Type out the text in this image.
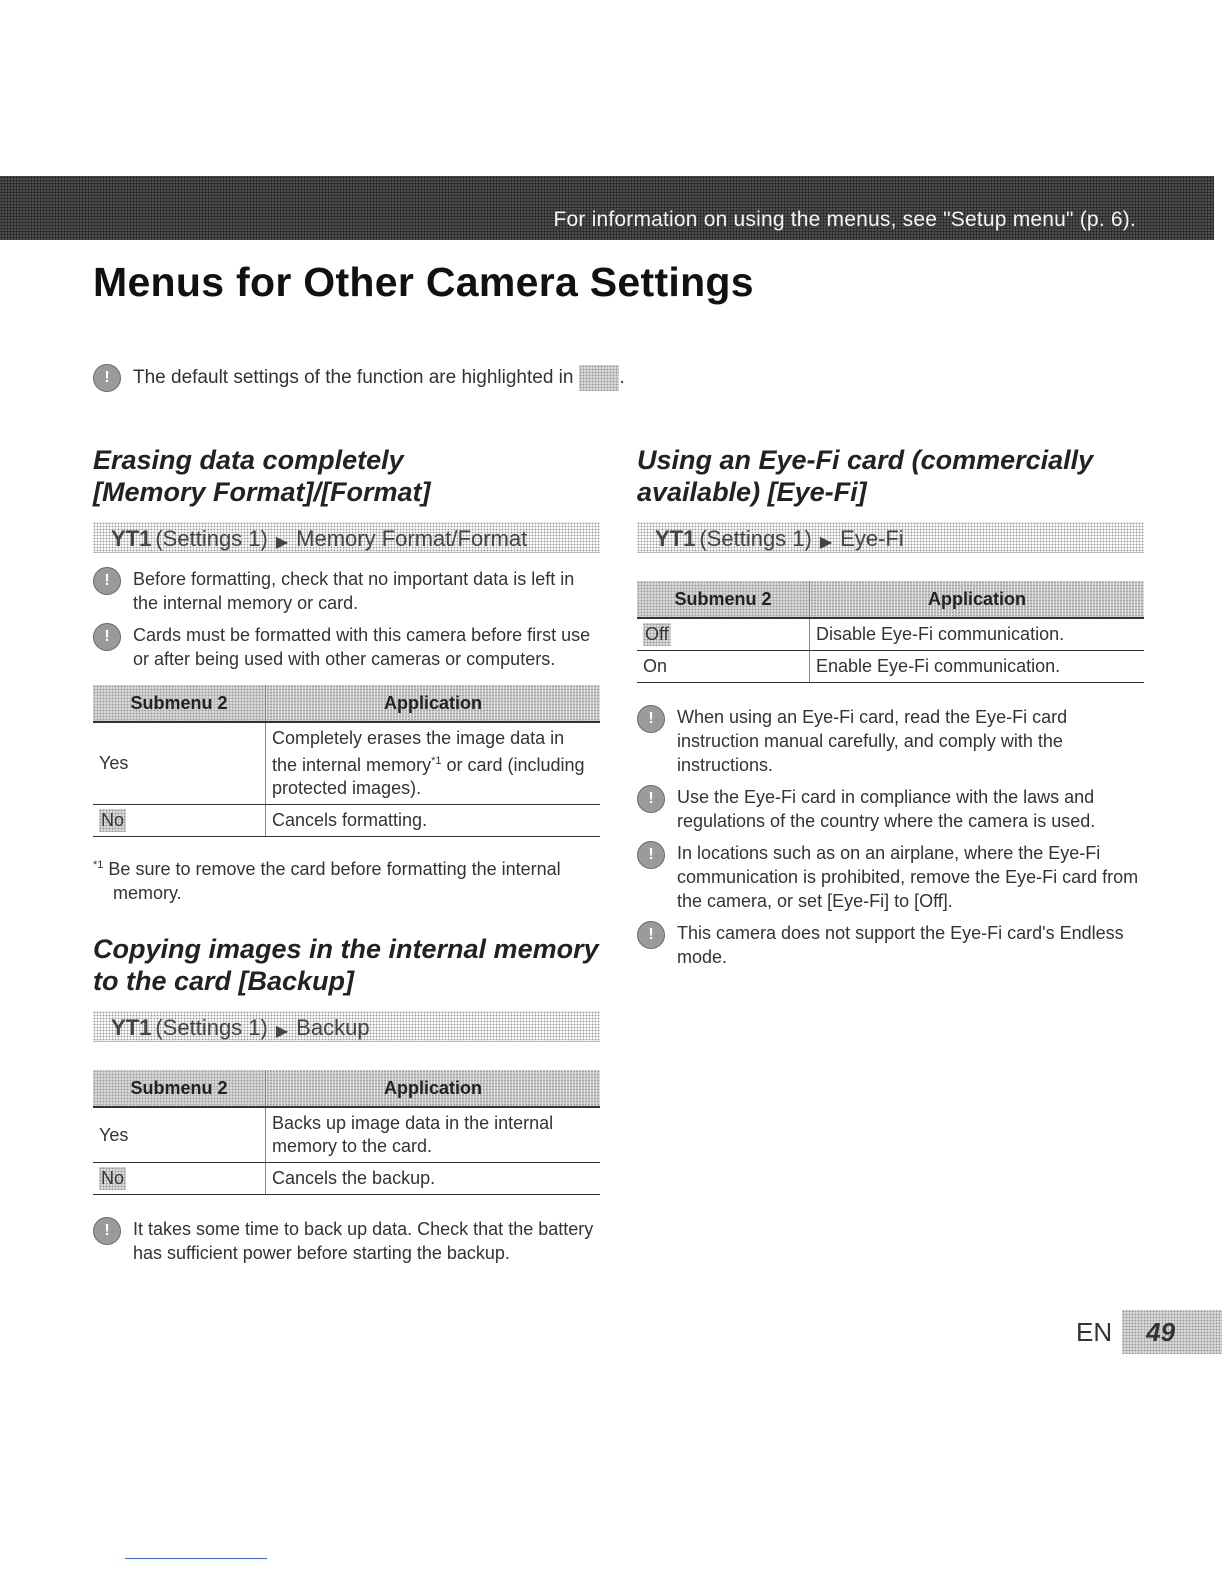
For information on using the menus, see "Setup menu" (p. 6).
Menus for Other Camera Settings
!	The default settings of the function are highlighted in .
Erasing data completely
[Memory Format]/[Format]
YT1 (Settings 1) ▶ Memory Format/Format
!	Before formatting, check that no important data is left in the internal memory or card.
!	Cards must be formatted with this camera before first use or after being used with other cameras or computers.
Submenu 2	Application
Yes	Completely erases the image data in the internal memory$^{*1}$ or card (including protected images).
No	Cancels formatting.
$^{*1}$ Be sure to remove the card before formatting the internal memory.
Copying images in the internal memory
to the card [Backup]
YT1 (Settings 1) ▶ Backup
Submenu 2	Application
Yes	Backs up image data in the internal memory to the card.
No	Cancels the backup.
!	It takes some time to back up data. Check that the battery has sufficient power before starting the backup.
Using an Eye-Fi card (commercially
available) [Eye-Fi]
YT1 (Settings 1) ▶ Eye-Fi
Submenu 2	Application
Off	Disable Eye-Fi communication.
On	Enable Eye-Fi communication.
!	When using an Eye-Fi card, read the Eye-Fi card instruction manual carefully, and comply with the instructions.
!	Use the Eye-Fi card in compliance with the laws and regulations of the country where the camera is used.
!	In locations such as on an airplane, where the Eye-Fi communication is prohibited, remove the Eye-Fi card from the camera, or set [Eye-Fi] to [Off].
!	This camera does not support the Eye-Fi card's Endless mode.
EN	49
